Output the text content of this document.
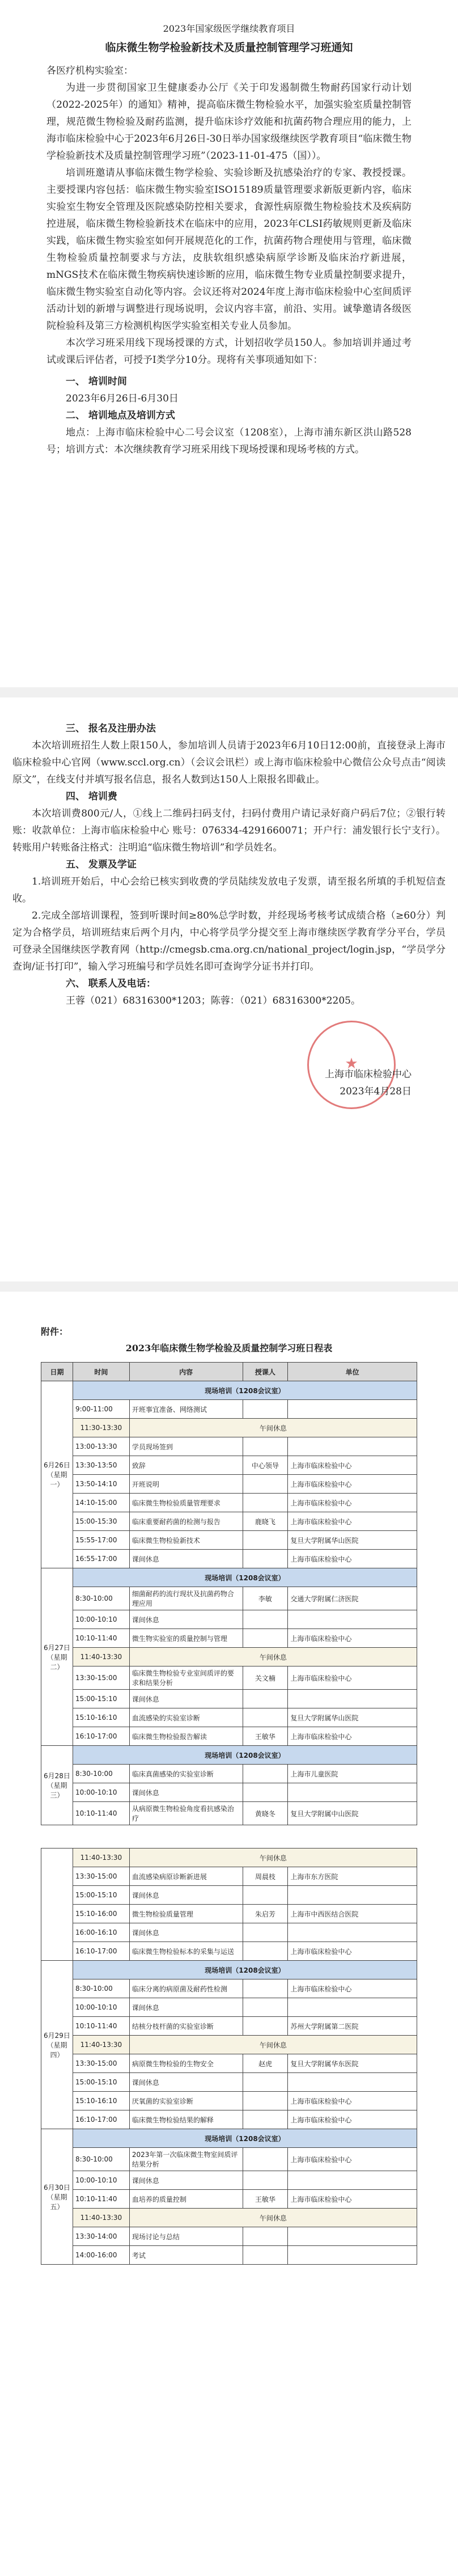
2023年国家级医学继续教育项目
临床微生物学检验新技术及质量控制管理学习班通知
各医疗机构实验室：

为进一步贯彻国家卫生健康委办公厅《关于印发遏制微生物耐药国家行动计划（2022-2025年）的通知》精神，提高临床微生物检验水平，加强实验室质量控制管理，规范微生物检验及耐药监测，提升临床诊疗效能和抗菌药物合理应用的能力，上海市临床检验中心于2023年6月26日-30日举办国家级继续医学教育项目“临床微生物学检验新技术及质量控制管理学习班”（2023-11-01-475（国））。

培训班邀请从事临床微生物学检验、实验诊断及抗感染治疗的专家、教授授课。主要授课内容包括：临床微生物实验室ISO15189质量管理要求新版更新内容，临床实验室生物安全管理及医院感染防控相关要求，食源性病原微生物检验技术及疾病防控进展，临床微生物检验新技术在临床中的应用，2023年CLSI药敏规则更新及临床实践，临床微生物实验室如何开展规范化的工作，抗菌药物合理使用与管理，临床微生物检验质量控制要求与方法，皮肤软组织感染病原学诊断及临床治疗新进展，mNGS技术在临床微生物疾病快速诊断的应用，临床微生物专业质量控制要求提升，临床微生物实验室自动化等内容。会议还将对2024年度上海市临床检验中心室间质评活动计划的新增与调整进行现场说明，会议内容丰富，前沿、实用。诚挚邀请各级医院检验科及第三方检测机构医学实验室相关专业人员参加。

本次学习班采用线下现场授课的方式，计划招收学员150人。参加培训并通过考试或课后评估者，可授予Ⅰ类学分10分。现将有关事项通知如下：

一、 培训时间
2023年6月26日-6月30日
二、 培训地点及培训方式

地点：上海市临床检验中心二号会议室（1208室），上海市浦东新区洪山路528号；培训方式：本次继续教育学习班采用线下现场授课和现场考核的方式。

三、 报名及注册办法

本次培训班招生人数上限150人，参加培训人员请于2023年6月10日12:00前，直接登录上海市临床检验中心官网（www.sccl.org.cn）（会议会讯栏）或上海市临床检验中心微信公众号点击“阅读原文”，在线支付并填写报名信息，报名人数到达150人上限报名即截止。

四、 培训费

本次培训费800元/人，①线上二维码扫码支付，扫码付费用户请记录好商户码后7位；②银行转账：收款单位：上海市临床检验中心 账号：076334-4291660071；开户行：浦发银行长宁支行）。转账用户转账备注格式：注明追“临床微生物培训”和学员姓名。

五、 发票及学证

1.培训班开始后，中心会给已核实到收费的学员陆续发放电子发票，请至报名所填的手机短信查收。

2.完成全部培训课程，签到听课时间≥80%总学时数，并经现场考核考试成绩合格（≥60分）判定为合格学员，培训班结束后两个月内，中心将学员学分提交至上海市继续医学教育学分平台，学员可登录全国继续医学教育网（http://cmegsb.cma.org.cn/national_project/login.jsp，“学员学分查询/证书打印”，输入学习班编号和学员姓名即可查询学分证书并打印。

六、 联系人及电话：
王蓉（021）68316300*1203；陈蓉：（021）68316300*2205。
★
上海市临床检验中心
2023年4月28日
附件：
2023年临床微生物学检验及质量控制学习班日程表
日期	时间	内容	授课人	单位
6月26日（星期一）	现场培训（1208会议室）			
	9:00-11:00	开班事宜准备、网络测试		
	11:30-13:30	午间休息		
	13:00-13:30	学员现场签到		
	13:30-13:50	致辞	中心领导	上海市临床检验中心
	13:50-14:10	开班说明		上海市临床检验中心
	14:10-15:00	临床微生物检验质量管理要求		上海市临床检验中心
	15:00-15:30	临床重要耐药菌的检测与报告	鹿晓飞	上海市临床检验中心
	15:55-17:00	临床微生物检验新技术		复旦大学附属华山医院
	16:55-17:00	课间休息		上海市临床检验中心
6月27日（星期二）	现场培训（1208会议室）			
	8:30-10:00	细菌耐药的流行现状及抗菌药物合理应用	李敏	交通大学附属仁济医院
	10:00-10:10	课间休息		
	10:10-11:40	微生物实验室的质量控制与管理		上海市临床检验中心
	11:40-13:30	午间休息		
	13:30-15:00	临床微生物检验专业室间质评的要求和结果分析	关文楠	上海市临床检验中心
	15:00-15:10	课间休息		
	15:10-16:10	血流感染的实验室诊断		复旦大学附属华山医院
	16:10-17:00	临床微生物检验报告解读	王敏华	上海市临床检验中心
6月28日（星期三）	现场培训（1208会议室）			
	8:30-10:00	临床真菌感染的实验室诊断		上海市儿童医院
	10:00-10:10	课间休息		
	10:10-11:40	从病原微生物检验角度看抗感染治疗	黄晓冬	复旦大学附属中山医院
	11:40-13:30	午间休息		
	13:30-15:00	血流感染病原诊断新进展	周晨枝	上海市东方医院
	15:00-15:10	课间休息		
	15:10-16:00	微生物检验质量管理	朱启芳	上海市中西医结合医院
	16:00-16:10	课间休息		
	16:10-17:00	临床微生物检验标本的采集与运送		上海市临床检验中心
6月29日（星期四）	现场培训（1208会议室）			
	8:30-10:00	临床分离的病原菌及耐药性检测		上海市临床检验中心
	10:00-10:10	课间休息		
	10:10-11:40	结核分枝杆菌的实验室诊断		苏州大学附属第二医院
	11:40-13:30	午间休息		
	13:30-15:00	病原微生物检验的生物安全	赵虎	复旦大学附属华东医院
	15:00-15:10	课间休息		
	15:10-16:10	厌氧菌的实验室诊断		上海市临床检验中心
	16:10-17:00	临床微生物检验结果的解释		上海市临床检验中心
6月30日（星期五）	现场培训（1208会议室）			
	8:30-10:00	2023年第一次临床微生物室间质评结果分析		上海市临床检验中心
	10:00-10:10	课间休息		
	10:10-11:40	血培养的质量控制	王敏华	上海市临床检验中心
	11:40-13:30	午间休息		
	13:30-14:00	现场讨论与总结		
	14:00-16:00	考试		
